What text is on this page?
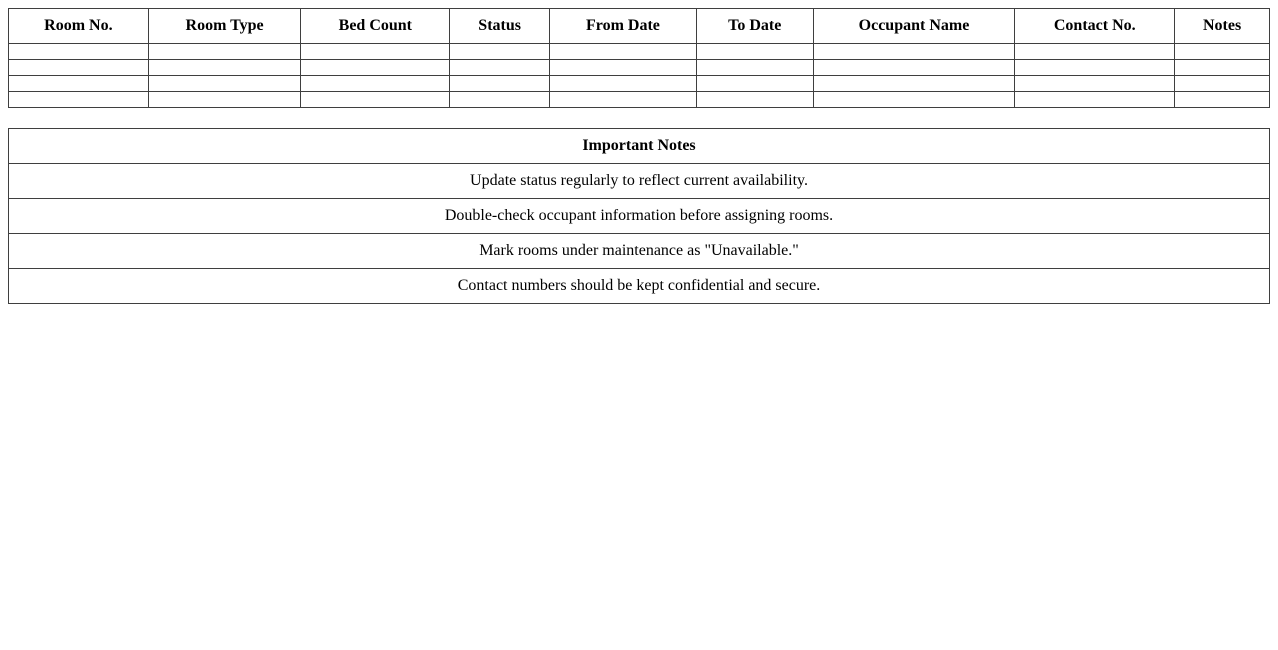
Room No.	Room Type	Bed Count	Status	From Date	To Date	Occupant Name	Contact No.	Notes

Important Notes
Update status regularly to reflect current availability.
Double-check occupant information before assigning rooms.
Mark rooms under maintenance as "Unavailable."
Contact numbers should be kept confidential and secure.
